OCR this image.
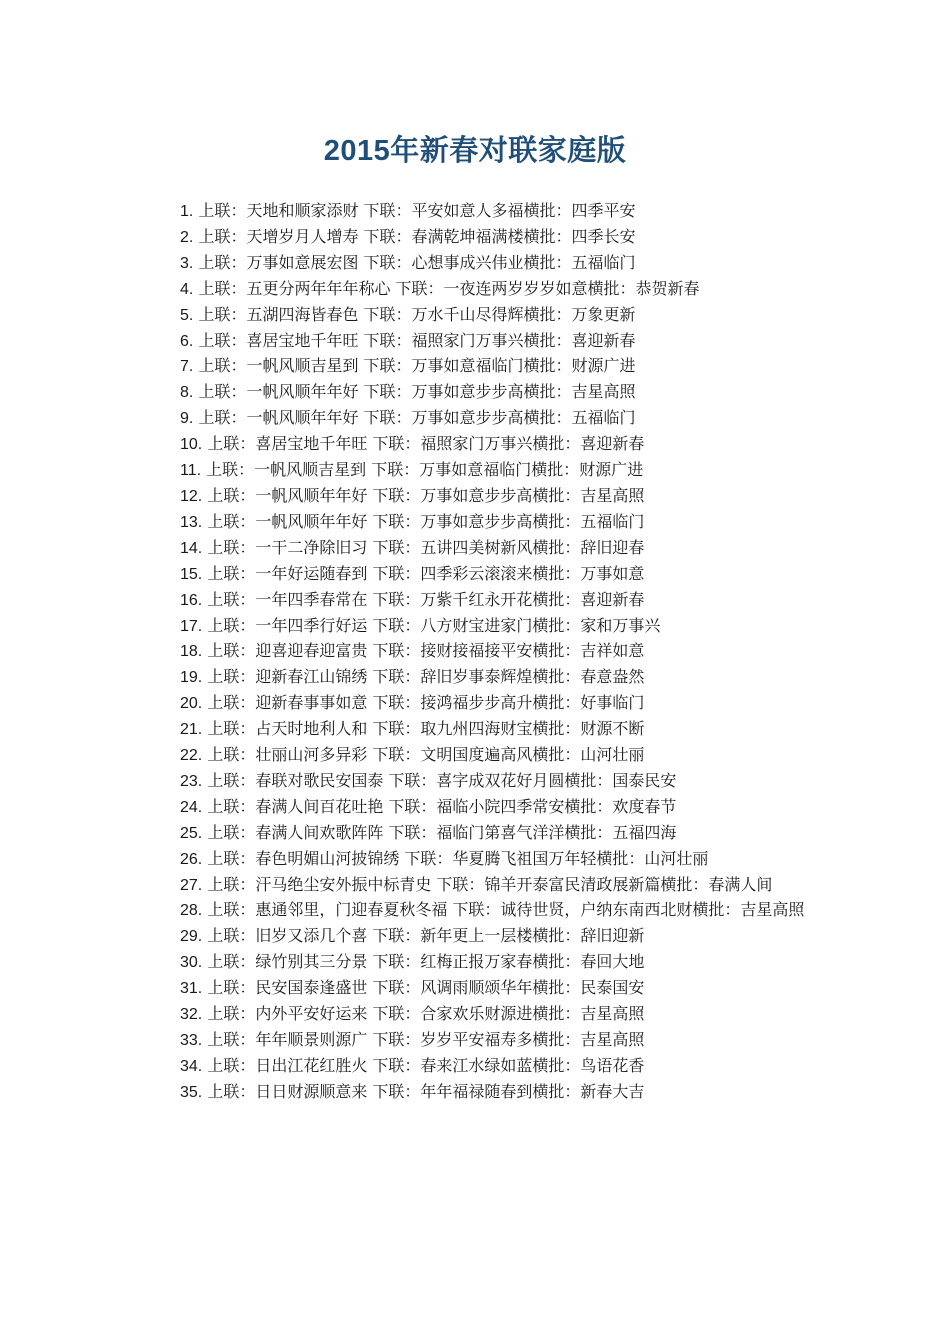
2015年新春对联家庭版

1. 上联：天地和顺家添财 下联：平安如意人多福横批：四季平安

2. 上联：天增岁月人增寿 下联：春满乾坤福满楼横批：四季长安

3. 上联：万事如意展宏图 下联：心想事成兴伟业横批：五福临门

4. 上联：五更分两年年年称心 下联：一夜连两岁岁岁如意横批：恭贺新春

5. 上联：五湖四海皆春色 下联：万水千山尽得辉横批：万象更新

6. 上联：喜居宝地千年旺 下联：福照家门万事兴横批：喜迎新春

7. 上联：一帆风顺吉星到 下联：万事如意福临门横批：财源广进

8. 上联：一帆风顺年年好 下联：万事如意步步高横批：吉星高照

9. 上联：一帆风顺年年好 下联：万事如意步步高横批：五福临门

10. 上联：喜居宝地千年旺 下联：福照家门万事兴横批：喜迎新春

11. 上联：一帆风顺吉星到 下联：万事如意福临门横批：财源广进

12. 上联：一帆风顺年年好 下联：万事如意步步高横批：吉星高照

13. 上联：一帆风顺年年好 下联：万事如意步步高横批：五福临门

14. 上联：一干二净除旧习 下联：五讲四美树新风横批：辞旧迎春

15. 上联：一年好运随春到 下联：四季彩云滚滚来横批：万事如意

16. 上联：一年四季春常在 下联：万紫千红永开花横批：喜迎新春

17. 上联：一年四季行好运 下联：八方财宝进家门横批：家和万事兴

18. 上联：迎喜迎春迎富贵 下联：接财接福接平安横批：吉祥如意

19. 上联：迎新春江山锦绣 下联：辞旧岁事泰辉煌横批：春意盎然

20. 上联：迎新春事事如意 下联：接鸿福步步高升横批：好事临门

21. 上联：占天时地利人和 下联：取九州四海财宝横批：财源不断

22. 上联：壮丽山河多异彩 下联：文明国度遍高风横批：山河壮丽

23. 上联：春联对歌民安国泰 下联：喜字成双花好月圆横批：国泰民安

24. 上联：春满人间百花吐艳 下联：福临小院四季常安横批：欢度春节

25. 上联：春满人间欢歌阵阵 下联：福临门第喜气洋洋横批：五福四海

26. 上联：春色明媚山河披锦绣 下联：华夏腾飞祖国万年轻横批：山河壮丽

27. 上联：汗马绝尘安外振中标青史 下联：锦羊开泰富民清政展新篇横批：春满人间

28. 上联：惠通邻里，门迎春夏秋冬福 下联：诚待世贤，户纳东南西北财横批：吉星高照

29. 上联：旧岁又添几个喜 下联：新年更上一层楼横批：辞旧迎新

30. 上联：绿竹别其三分景 下联：红梅正报万家春横批：春回大地

31. 上联：民安国泰逢盛世 下联：风调雨顺颂华年横批：民泰国安

32. 上联：内外平安好运来 下联：合家欢乐财源进横批：吉星高照

33. 上联：年年顺景则源广 下联：岁岁平安福寿多横批：吉星高照

34. 上联：日出江花红胜火 下联：春来江水绿如蓝横批：鸟语花香

35. 上联：日日财源顺意来 下联：年年福禄随春到横批：新春大吉
